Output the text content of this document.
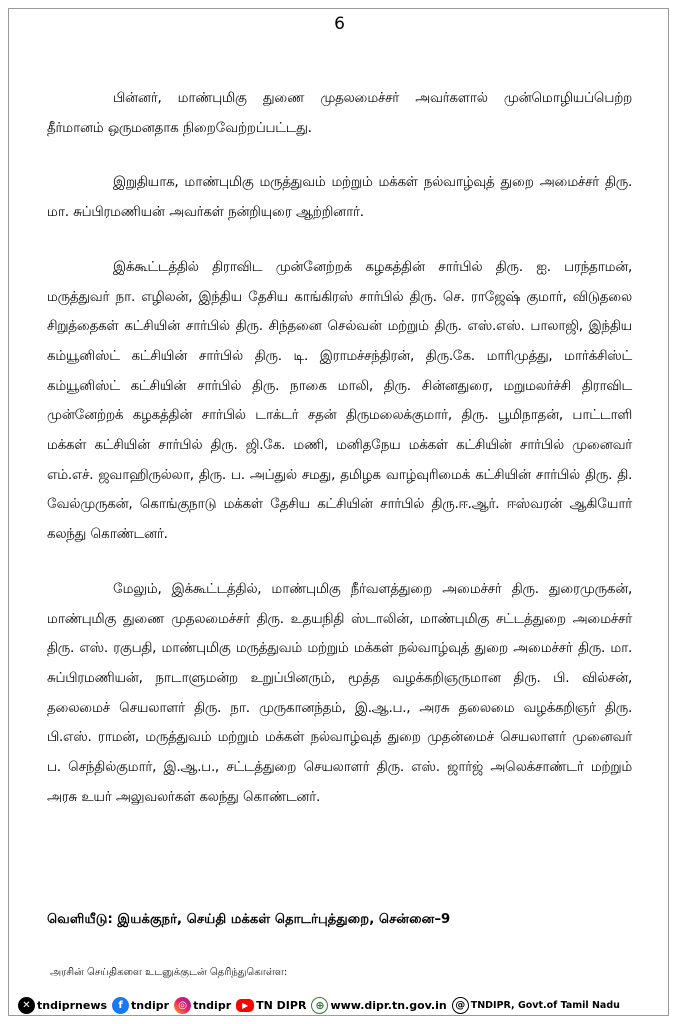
6

பின்னர், மாண்புமிகு துணை முதலமைச்சர் அவர்களால் முன்மொழியப்பெற்ற தீர்மானம் ஒருமனதாக நிறைவேற்றப்பட்டது.

இறுதியாக, மாண்புமிகு மருத்துவம் மற்றும் மக்கள் நல்வாழ்வுத் துறை அமைச்சர் திரு. மா. சுப்பிரமணியன் அவர்கள் நன்றியுரை ஆற்றினார்.

இக்கூட்டத்தில் திராவிட முன்னேற்றக் கழகத்தின் சார்பில் திரு. ஐ. பரந்தாமன், மருத்துவர் நா. எழிலன், இந்திய தேசிய காங்கிரஸ் சார்பில் திரு. செ. ராஜேஷ் குமார், விடுதலை சிறுத்தைகள் கட்சியின் சார்பில் திரு. சிந்தனை செல்வன் மற்றும் திரு. எஸ்.எஸ். பாலாஜி, இந்திய கம்யூனிஸ்ட் கட்சியின் சார்பில் திரு. டி. இராமச்சந்திரன், திரு.கே. மாரிமுத்து, மார்க்சிஸ்ட் கம்யூனிஸ்ட் கட்சியின் சார்பில் திரு. நாகை மாலி, திரு. சின்னதுரை, மறுமலர்ச்சி திராவிட முன்னேற்றக் கழகத்தின் சார்பில் டாக்டர் சதன் திருமலைக்குமார், திரு. பூமிநாதன், பாட்டாளி மக்கள் கட்சியின் சார்பில் திரு. ஜி.கே. மணி, மனிதநேய மக்கள் கட்சியின் சார்பில் முனைவர் எம்.எச். ஜவாஹிருல்லா, திரு. ப. அப்துல் சமது, தமிழக வாழ்வுரிமைக் கட்சியின் சார்பில் திரு. தி. வேல்முருகன், கொங்குநாடு மக்கள் தேசிய கட்சியின் சார்பில் திரு.ஈ.ஆர். ஈஸ்வரன் ஆகியோர் கலந்து கொண்டனர்.

மேலும், இக்கூட்டத்தில், மாண்புமிகு நீர்வளத்துறை அமைச்சர் திரு. துரைமுருகன், மாண்புமிகு துணை முதலமைச்சர் திரு. உதயநிதி ஸ்டாலின், மாண்புமிகு சட்டத்துறை அமைச்சர் திரு. எஸ். ரகுபதி, மாண்புமிகு மருத்துவம் மற்றும் மக்கள் நல்வாழ்வுத் துறை அமைச்சர் திரு. மா. சுப்பிரமணியன், நாடாளுமன்ற உறுப்பினரும், மூத்த வழக்கறிஞருமான திரு. பி. வில்சன், தலைமைச் செயலாளர் திரு. நா. முருகானந்தம், இ.ஆ.ப., அரசு தலைமை வழக்கறிஞர் திரு. பி.எஸ். ராமன், மருத்துவம் மற்றும் மக்கள் நல்வாழ்வுத் துறை முதன்மைச் செயலாளர் முனைவர் ப. செந்தில்குமார், இ.ஆ.ப., சட்டத்துறை செயலாளர் திரு. எஸ். ஜார்ஜ் அலெக்சாண்டர் மற்றும் அரசு உயர் அலுவலர்கள் கலந்து கொண்டனர்.

வெளியீடு: இயக்குநர், செய்தி மக்கள் தொடர்புத்துறை, சென்னை–9
அரசின் செய்திகளை உடனுக்குடன் தெரிந்துகொள்ள:
✕ tndiprnews	f tndipr ◎ tndipr	▶ TN DIPR ⊕ www.dipr.tn.gov.in @ TNDIPR, Govt.of Tamil Nadu
